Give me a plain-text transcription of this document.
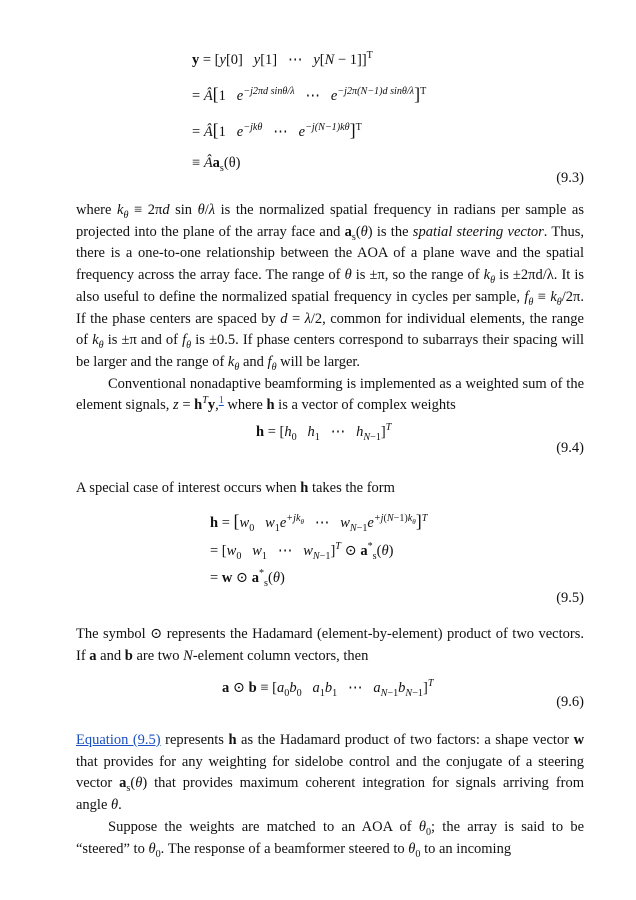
y = [y[0]   y[1]   ⋯   y[N − 1]]$^T$
= Â[1   $e^{-j2\pi d sin\theta/\lambda}$   ⋯   $e^{-j2\pi(N-1)d sin\theta/\lambda}]^T$
= Â[1   $e^{-jk\theta}$   ⋯   $e^{-j(N-1)k\theta}]^T$
≡ $Âa_s(\theta)$
(9.3)

where $k_\theta \equiv 2\pi d$ sin θ/λ is the normalized spatial frequency in radians per sample as projected into the plane of the array face and $a_s(\theta)$ is the spatial steering vector. Thus, there is a one-to-one relationship between the AOA of a plane wave and the spatial frequency across the array face. The range of θ is ±π, so the range of $k_\theta$ is ±2πd/λ. It is also useful to define the normalized spatial frequency in cycles per sample, $f_\theta \equiv k_\theta/2\pi$. If the phase centers are spaced by d = λ/2, common for individual elements, the range of $k_\theta$ is ±π and of $f_\theta$ is ±0.5. If phase centers correspond to subarrays their spacing will be larger and the range of $k_\theta$ and $f_\theta$ will be larger.

Conventional nonadaptive beamforming is implemented as a weighted sum of the element signals, $z = h^Ty,^1$ where h is a vector of complex weights

$h = [h_0$ $h_1$   ⋯   $h_{N-1}]^T$
(9.4)

A special case of interest occurs when h takes the form

$h = [w_0$ $w_1e^{+jk_\theta}$   ⋯   $w_{N-1}e^{+j(N-1)k_\theta}]^T$
= [$w_0$ $w_1$   ⋯   $w_{N-1}]^T$ ⊙ $a^*_s(\theta)$
= w ⊙ $a^*_s(\theta)$
(9.5)

The symbol ⊙ represents the Hadamard (element-by-element) product of two vectors. If a and b are two N-element column vectors, then

a ⊙ $b \equiv [a_0b_0$ $a_1b_1$   ⋯   $a_{N-1}b_{N-1}]^T$
(9.6)

Equation (9.5) represents h as the Hadamard product of two factors: a shape vector w that provides for any weighting for sidelobe control and the conjugate of a steering vector $a_s(\theta)$ that provides maximum coherent integration for signals arriving from angle θ.

Suppose the weights are matched to an AOA of $\theta_0$; the array is said to be “steered” to $\theta_0$. The response of a beamformer steered to $\theta_0$ to an incoming
